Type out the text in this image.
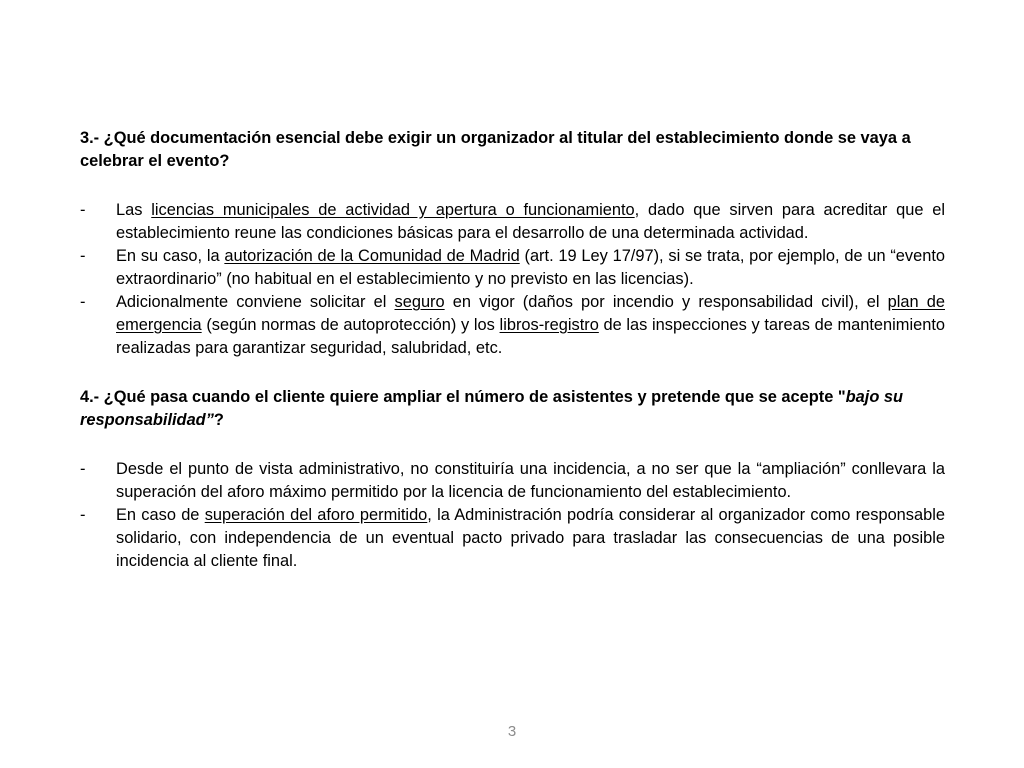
3.- ¿Qué documentación esencial debe exigir un organizador al titular del establecimiento donde se vaya a celebrar el evento?

- Las licencias municipales de actividad y apertura o funcionamiento, dado que sirven para acreditar que el establecimiento reune las condiciones básicas para el desarrollo de una determinada actividad.
- En su caso, la autorización de la Comunidad de Madrid (art. 19 Ley 17/97), si se trata, por ejemplo, de un “evento extraordinario” (no habitual en el establecimiento y no previsto en las licencias).
- Adicionalmente conviene solicitar el seguro en vigor (daños por incendio y responsabilidad civil), el plan de emergencia (según normas de autoprotección) y los libros-registro de las inspecciones y tareas de mantenimiento realizadas para garantizar seguridad, salubridad, etc.

4.- ¿Qué pasa cuando el cliente quiere ampliar el número de asistentes y pretende que se acepte "bajo su responsabilidad”?

- Desde el punto de vista administrativo, no constituiría una incidencia, a no ser que la “ampliación” conllevara la superación del aforo máximo permitido por la licencia de funcionamiento del establecimiento.
- En caso de superación del aforo permitido, la Administración podría considerar al organizador como responsable solidario, con independencia de un eventual pacto privado para trasladar las consecuencias de una posible incidencia al cliente final.
3
